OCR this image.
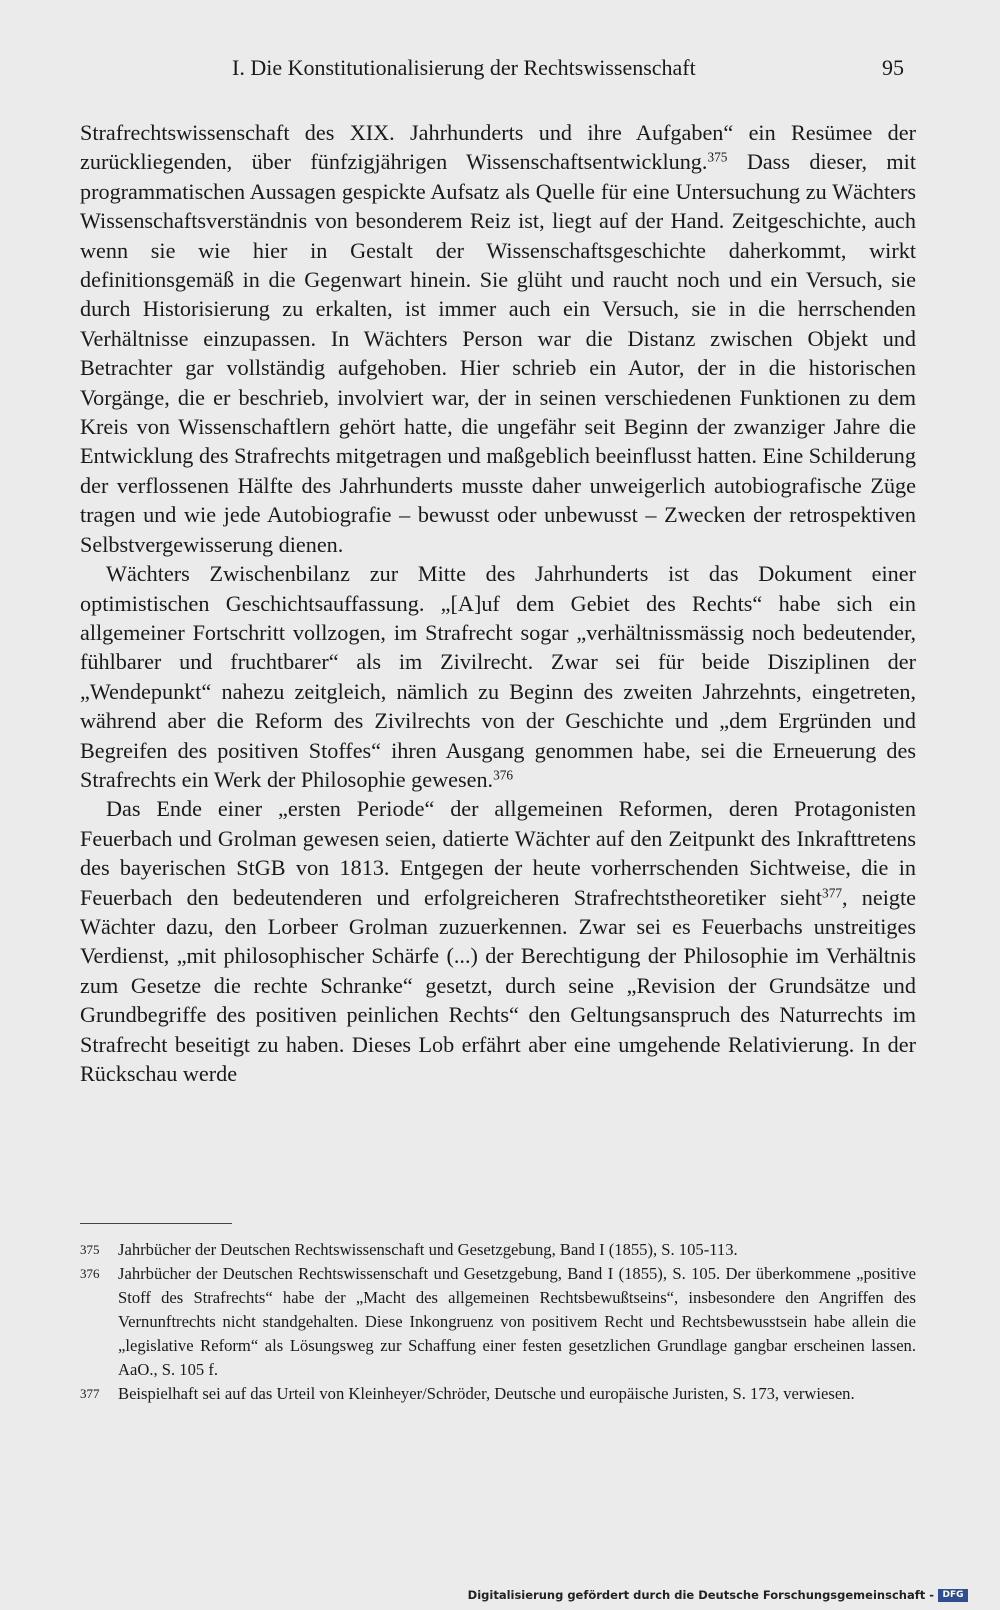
I. Die Konstitutionalisierung der Rechtswissenschaft	95

Strafrechtswissenschaft des XIX. Jahrhunderts und ihre Aufgaben“ ein Resümee der zurückliegenden, über fünfzigjährigen Wissenschaftsentwicklung.$^{375}$ Dass dieser, mit programmatischen Aussagen gespickte Aufsatz als Quelle für eine Untersuchung zu Wächters Wissenschaftsverständnis von besonderem Reiz ist, liegt auf der Hand. Zeitgeschichte, auch wenn sie wie hier in Gestalt der Wissenschaftsgeschichte daherkommt, wirkt definitionsgemäß in die Gegenwart hinein. Sie glüht und raucht noch und ein Versuch, sie durch Historisierung zu erkalten, ist immer auch ein Versuch, sie in die herrschenden Verhältnisse einzupassen. In Wächters Person war die Distanz zwischen Objekt und Betrachter gar vollständig aufgehoben. Hier schrieb ein Autor, der in die historischen Vorgänge, die er beschrieb, involviert war, der in seinen verschiedenen Funktionen zu dem Kreis von Wissenschaftlern gehört hatte, die ungefähr seit Beginn der zwanziger Jahre die Entwicklung des Strafrechts mitgetragen und maßgeblich beeinflusst hatten. Eine Schilderung der verflossenen Hälfte des Jahrhunderts musste daher unweigerlich autobiografische Züge tragen und wie jede Autobiografie – bewusst oder unbewusst – Zwecken der retrospektiven Selbstvergewisserung dienen.

Wächters Zwischenbilanz zur Mitte des Jahrhunderts ist das Dokument einer optimistischen Geschichtsauffassung. „[A]uf dem Gebiet des Rechts“ habe sich ein allgemeiner Fortschritt vollzogen, im Strafrecht sogar „verhältnissmässig noch bedeutender, fühlbarer und fruchtbarer“ als im Zivilrecht. Zwar sei für beide Disziplinen der „Wendepunkt“ nahezu zeitgleich, nämlich zu Beginn des zweiten Jahrzehnts, eingetreten, während aber die Reform des Zivilrechts von der Geschichte und „dem Ergründen und Begreifen des positiven Stoffes“ ihren Ausgang genommen habe, sei die Erneuerung des Strafrechts ein Werk der Philosophie gewesen.$^{376}$

Das Ende einer „ersten Periode“ der allgemeinen Reformen, deren Protagonisten Feuerbach und Grolman gewesen seien, datierte Wächter auf den Zeitpunkt des Inkrafttretens des bayerischen StGB von 1813. Entgegen der heute vorherrschenden Sichtweise, die in Feuerbach den bedeutenderen und erfolgreicheren Strafrechtstheoretiker sieht$^{377}$, neigte Wächter dazu, den Lorbeer Grolman zuzuerkennen. Zwar sei es Feuerbachs unstreitiges Verdienst, „mit philosophischer Schärfe (...) der Berechtigung der Philosophie im Verhältnis zum Gesetze die rechte Schranke“ gesetzt, durch seine „Revision der Grundsätze und Grundbegriffe des positiven peinlichen Rechts“ den Geltungsanspruch des Naturrechts im Strafrecht beseitigt zu haben. Dieses Lob erfährt aber eine umgehende Relativierung. In der Rückschau werde

375 Jahrbücher der Deutschen Rechtswissenschaft und Gesetzgebung, Band I (1855), S. 105-113.

376 Jahrbücher der Deutschen Rechtswissenschaft und Gesetzgebung, Band I (1855), S. 105. Der überkommene „positive Stoff des Strafrechts“ habe der „Macht des allgemeinen Rechtsbewußtseins“, insbesondere den Angriffen des Vernunftrechts nicht standgehalten. Diese Inkongruenz von positivem Recht und Rechtsbewusstsein habe allein die „legislative Reform“ als Lösungsweg zur Schaffung einer festen gesetzlichen Grundlage gangbar erscheinen lassen. AaO., S. 105 f.

377 Beispielhaft sei auf das Urteil von Kleinheyer/Schröder, Deutsche und europäische Juristen, S. 173, verwiesen.

Digitalisierung gefördert durch die Deutsche Forschungsgemeinschaft - DFG
